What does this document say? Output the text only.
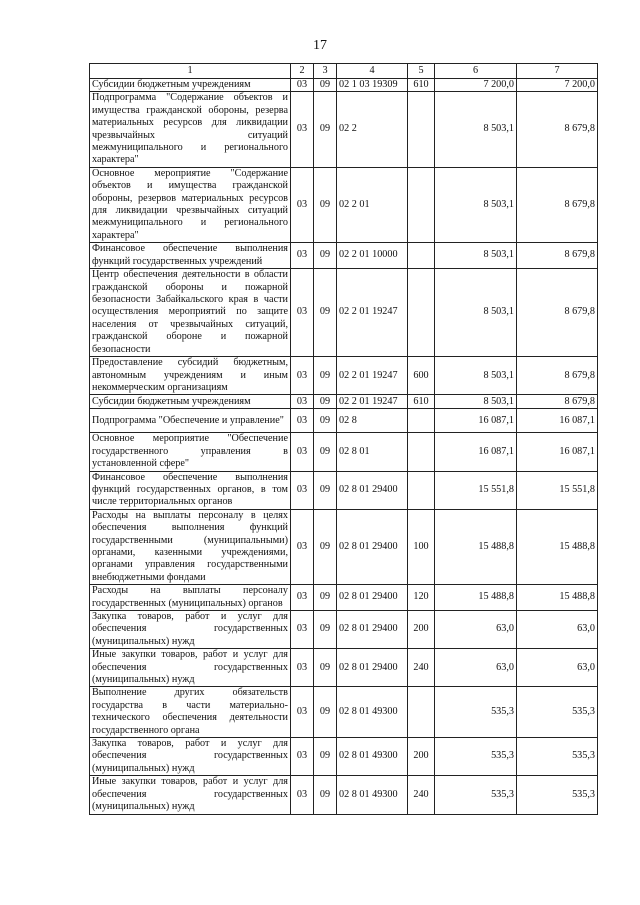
17
1	2	3	4	5	6	7
Субсидии бюджетным учреждениям	03	09	02 1 03 19309	610	7 200,0	7 200,0
Подпрограмма "Содержание объектов и имущества гражданской обороны, резерва материальных ресурсов для ликвидации чрезвычайных ситуаций межмуниципального и регионального характера"	03	09	02 2		8 503,1	8 679,8
Основное мероприятие "Содержание объектов и имущества гражданской обороны, резервов материальных ресурсов для ликвидации чрезвычайных ситуаций межмуниципального и регионального характера"	03	09	02 2 01		8 503,1	8 679,8
Финансовое обеспечение выполнения функций государственных учреждений	03	09	02 2 01 10000		8 503,1	8 679,8
Центр обеспечения деятельности в области гражданской обороны и пожарной безопасности Забайкальского края в части осуществления мероприятий по защите населения от чрезвычайных ситуаций, гражданской обороне и пожарной безопасности	03	09	02 2 01 19247		8 503,1	8 679,8
Предоставление субсидий бюджетным, автономным учреждениям и иным некоммерческим организациям	03	09	02 2 01 19247	600	8 503,1	8 679,8
Субсидии бюджетным учреждениям	03	09	02 2 01 19247	610	8 503,1	8 679,8
Подпрограмма "Обеспечение и управление"	03	09	02 8		16 087,1	16 087,1
Основное мероприятие "Обеспечение государственного управления в установленной сфере"	03	09	02 8 01		16 087,1	16 087,1
Финансовое обеспечение выполнения функций государственных органов, в том числе территориальных органов	03	09	02 8 01 29400		15 551,8	15 551,8
Расходы на выплаты персоналу в целях обеспечения выполнения функций государственными (муниципальными) органами, казенными учреждениями, органами управления государственными внебюджетными фондами	03	09	02 8 01 29400	100	15 488,8	15 488,8
Расходы на выплаты персоналу государственных (муниципальных) органов	03	09	02 8 01 29400	120	15 488,8	15 488,8
Закупка товаров, работ и услуг для обеспечения государственных (муниципальных) нужд	03	09	02 8 01 29400	200	63,0	63,0
Иные закупки товаров, работ и услуг для обеспечения государственных (муниципальных) нужд	03	09	02 8 01 29400	240	63,0	63,0
Выполнение других обязательств государства в части материально-технического обеспечения деятельности государственного органа	03	09	02 8 01 49300		535,3	535,3
Закупка товаров, работ и услуг для обеспечения государственных (муниципальных) нужд	03	09	02 8 01 49300	200	535,3	535,3
Иные закупки товаров, работ и услуг для обеспечения государственных (муниципальных) нужд	03	09	02 8 01 49300	240	535,3	535,3
